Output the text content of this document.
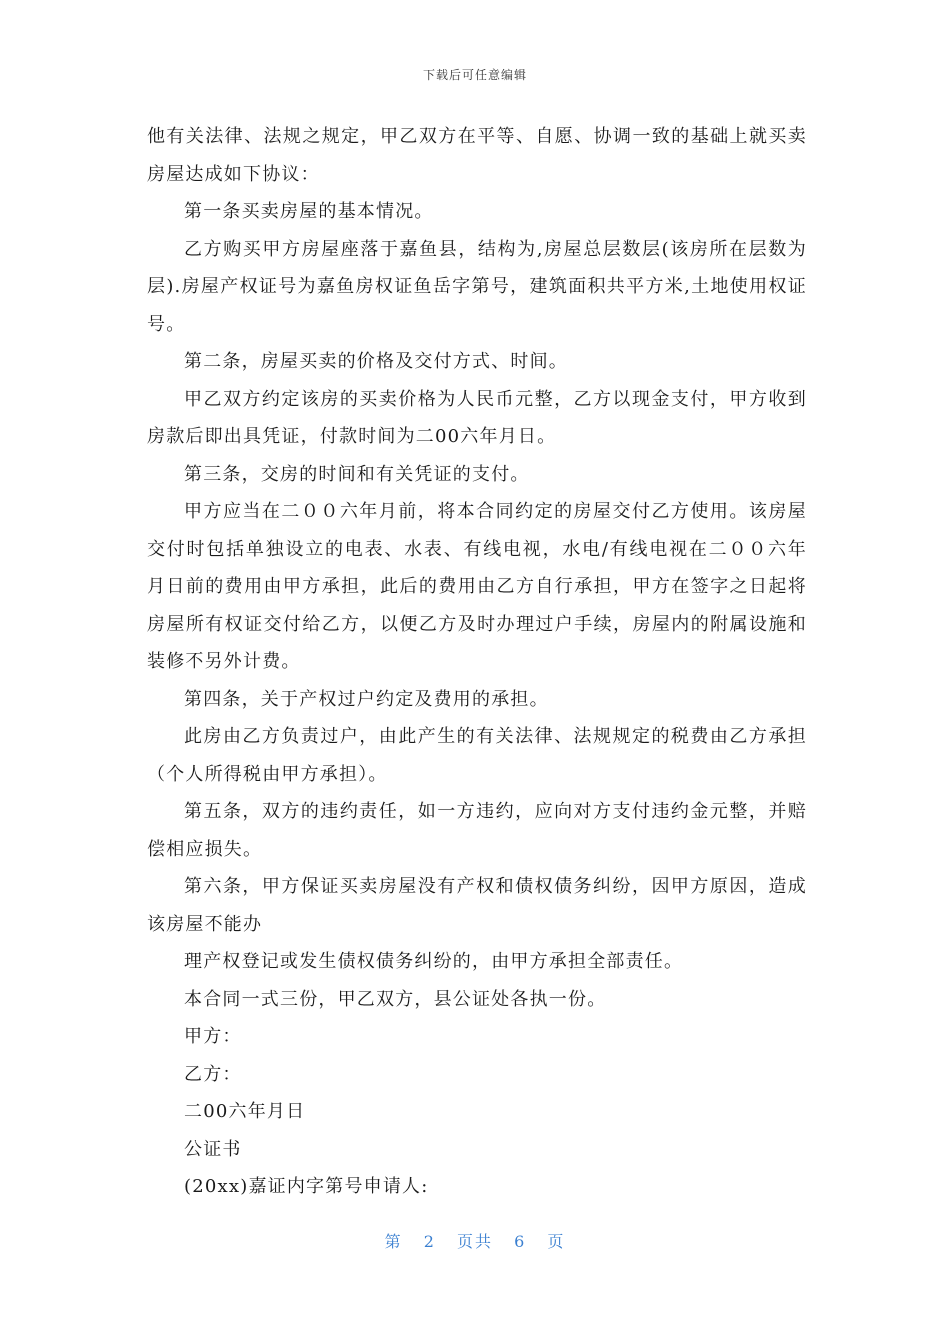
下载后可任意编辑

他有关法律、法规之规定，甲乙双方在平等、自愿、协调一致的基础上就买卖房屋达成如下协议：

第一条买卖房屋的基本情况。

乙方购买甲方房屋座落于嘉鱼县，结构为,房屋总层数层(该房所在层数为层).房屋产权证号为嘉鱼房权证鱼岳字第号，建筑面积共平方米,土地使用权证号。

第二条，房屋买卖的价格及交付方式、时间。

甲乙双方约定该房的买卖价格为人民币元整，乙方以现金支付，甲方收到房款后即出具凭证，付款时间为二00六年月日。

第三条，交房的时间和有关凭证的支付。

甲方应当在二００六年月前，将本合同约定的房屋交付乙方使用。该房屋交付时包括单独设立的电表、水表、有线电视，水电/有线电视在二００六年月日前的费用由甲方承担，此后的费用由乙方自行承担，甲方在签字之日起将房屋所有权证交付给乙方，以便乙方及时办理过户手续，房屋内的附属设施和装修不另外计费。

第四条，关于产权过户约定及费用的承担。

此房由乙方负责过户，由此产生的有关法律、法规规定的税费由乙方承担（个人所得税由甲方承担）。

第五条，双方的违约责任，如一方违约，应向对方支付违约金元整，并赔偿相应损失。

第六条，甲方保证买卖房屋没有产权和债权债务纠纷，因甲方原因，造成该房屋不能办

理产权登记或发生债权债务纠纷的，由甲方承担全部责任。

本合同一式三份，甲乙双方，县公证处各执一份。

甲方：

乙方：

二00六年月日

公证书

(20xx)嘉证内字第号申请人:

第 2 页共 6 页
